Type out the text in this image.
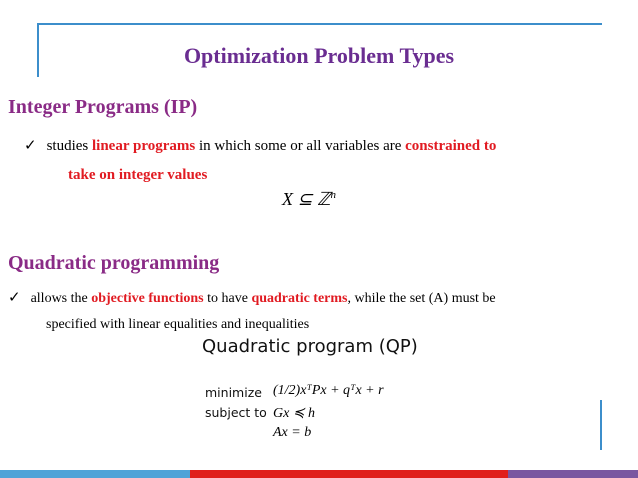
Optimization Problem Types
Integer Programs (IP)
✓ studies linear programs in which some or all variables are constrained to
take on integer values
X ⊆ ℤ$^n$
Quadratic programming
✓ allows the objective functions to have quadratic terms, while the set (A) must be
specified with linear equalities and inequalities
Quadratic program (QP)
minimize
subject to
(1/2)xᵀPx + qᵀx + r
Gx ≼ h
Ax = b
